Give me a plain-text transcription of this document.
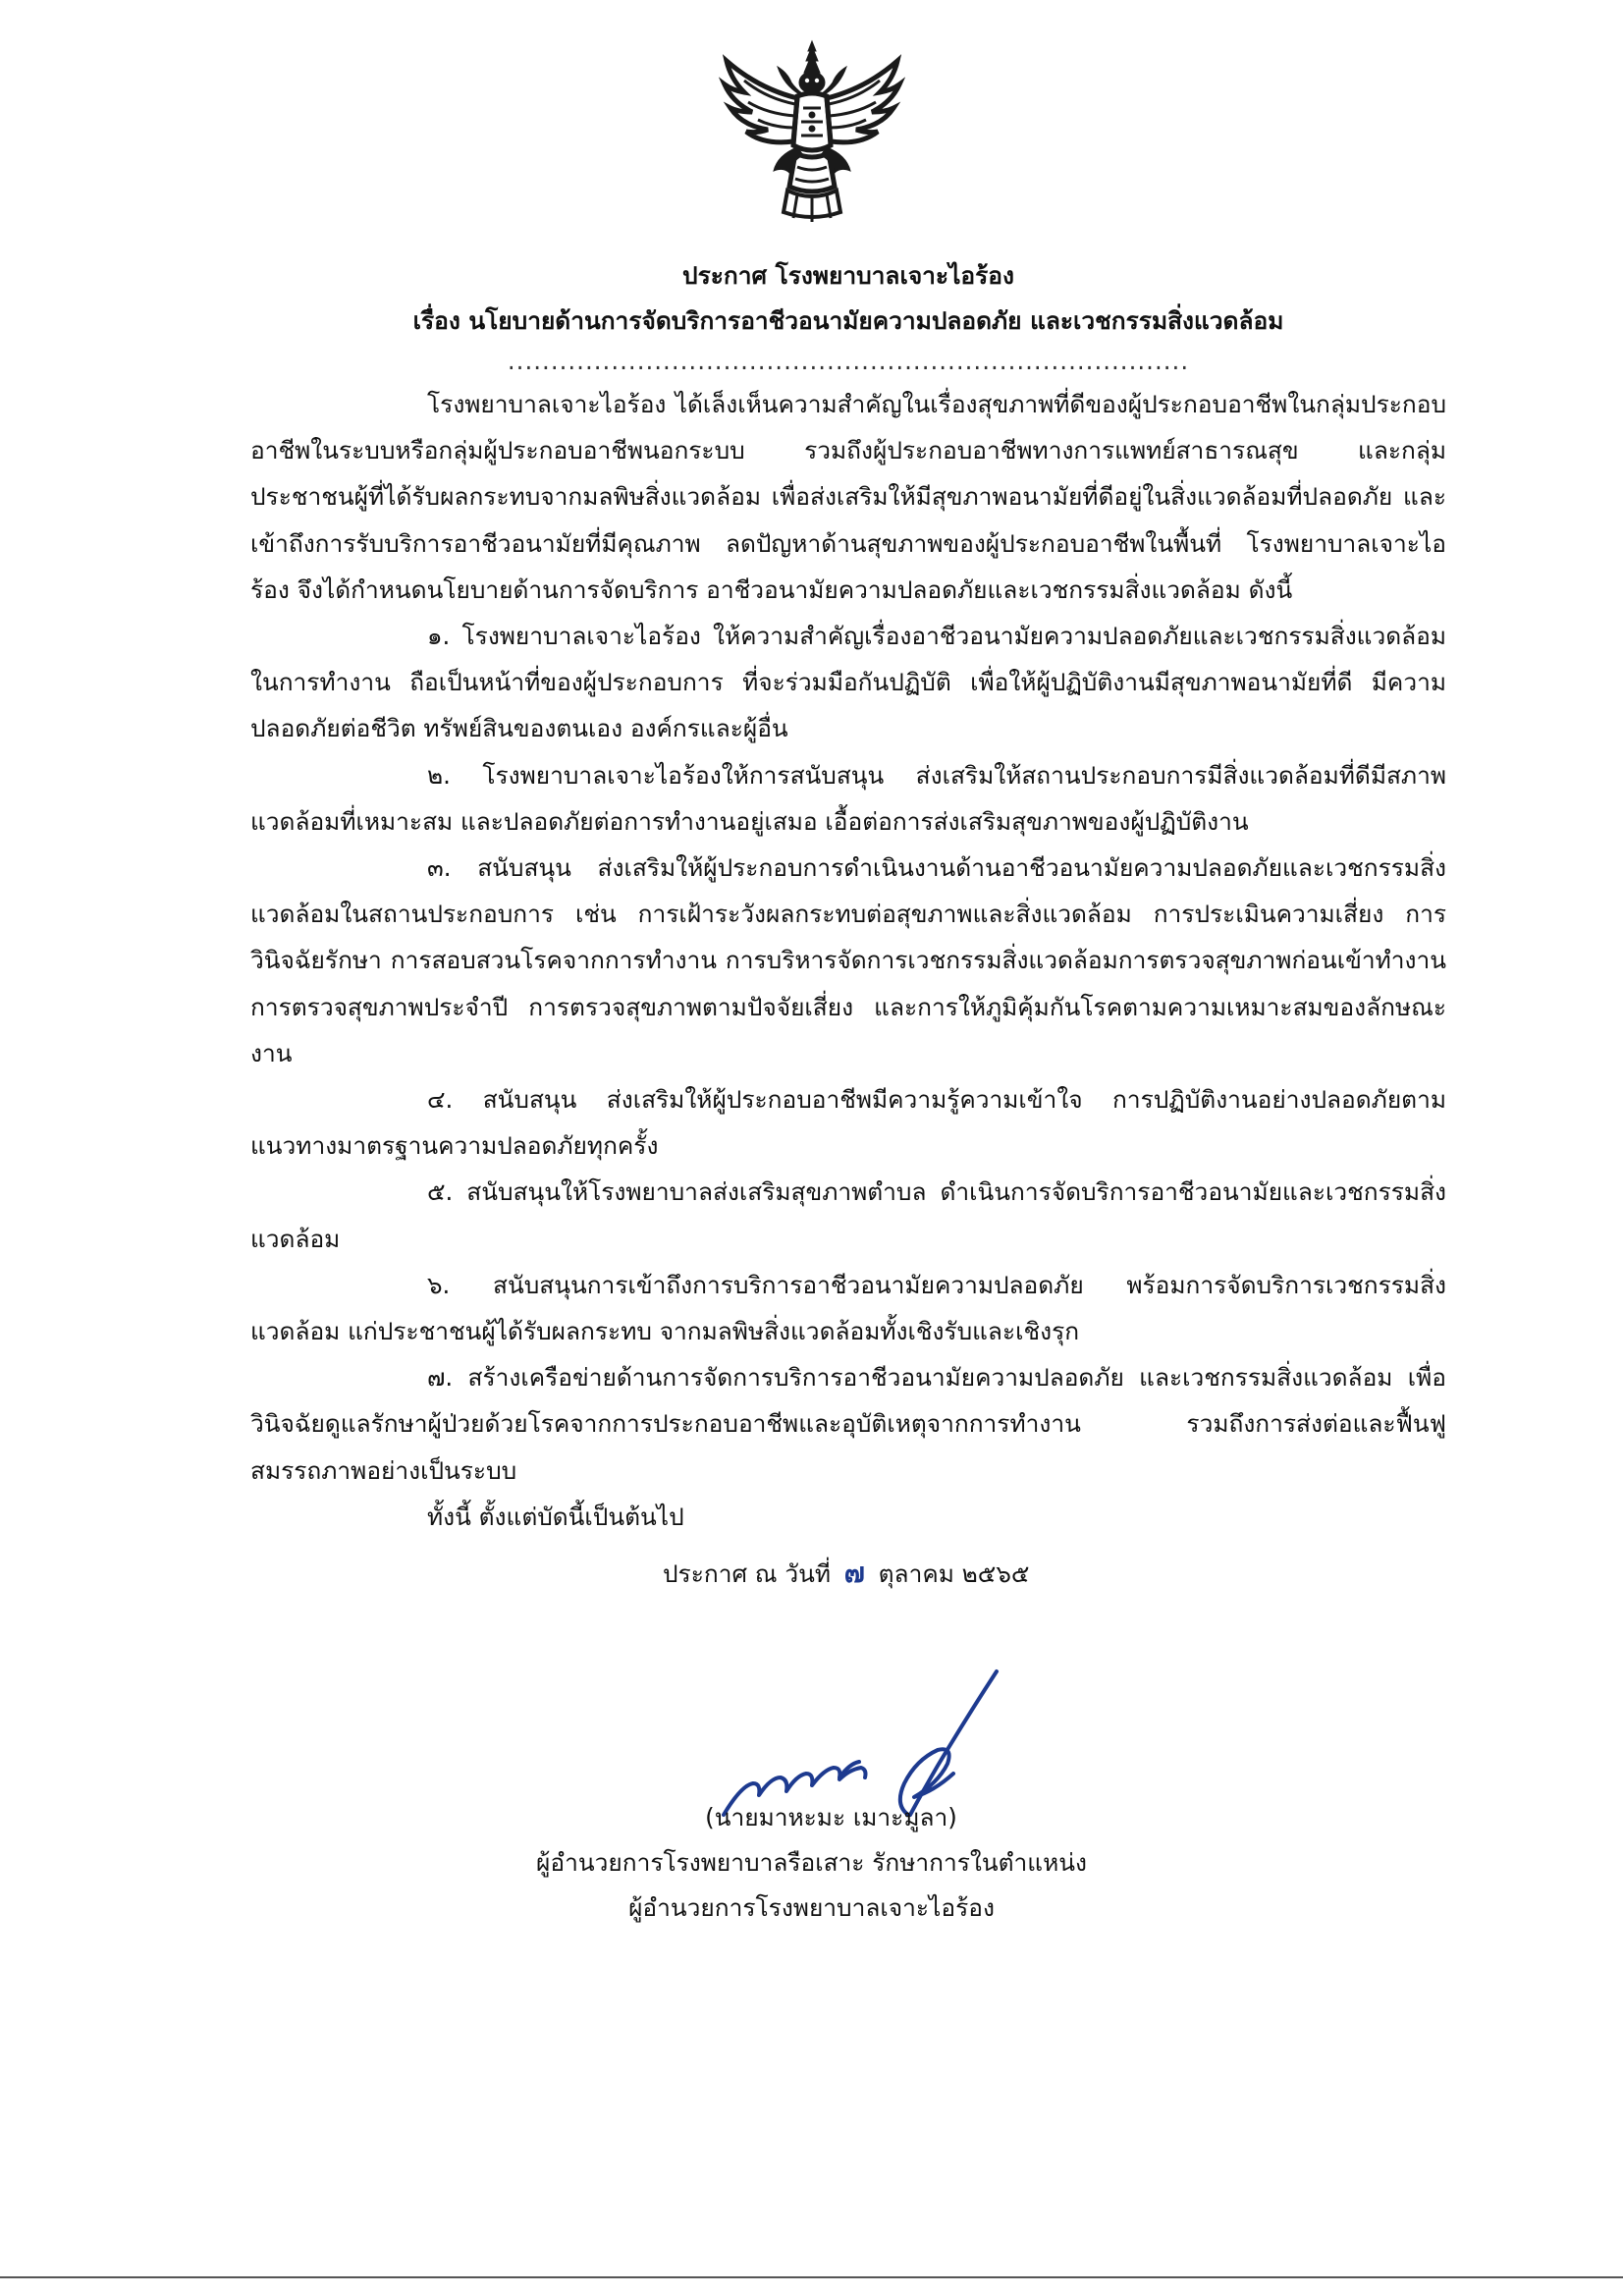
ประกาศ โรงพยาบาลเจาะไอร้อง

เรื่อง นโยบายด้านการจัดบริการอาชีวอนามัยความปลอดภัย และเวชกรรมสิ่งแวดล้อม

...............................................................................

โรงพยาบาลเจาะไอร้อง ได้เล็งเห็นความสำคัญในเรื่องสุขภาพที่ดีของผู้ประกอบอาชีพในกลุ่มประกอบอาชีพในระบบหรือกลุ่มผู้ประกอบอาชีพนอกระบบ รวมถึงผู้ประกอบอาชีพทางการแพทย์สาธารณสุข และกลุ่มประชาชนผู้ที่ได้รับผลกระทบจากมลพิษสิ่งแวดล้อม เพื่อส่งเสริมให้มีสุขภาพอนามัยที่ดีอยู่ในสิ่งแวดล้อมที่ปลอดภัย และเข้าถึงการรับบริการอาชีวอนามัยที่มีคุณภาพ ลดปัญหาด้านสุขภาพของผู้ประกอบอาชีพในพื้นที่ โรงพยาบาลเจาะไอร้อง จึงได้กำหนดนโยบายด้านการจัดบริการ อาชีวอนามัยความปลอดภัยและเวชกรรมสิ่งแวดล้อม ดังนี้

๑. โรงพยาบาลเจาะไอร้อง ให้ความสำคัญเรื่องอาชีวอนามัยความปลอดภัยและเวชกรรมสิ่งแวดล้อมในการทำงาน ถือเป็นหน้าที่ของผู้ประกอบการ ที่จะร่วมมือกันปฏิบัติ เพื่อให้ผู้ปฏิบัติงานมีสุขภาพอนามัยที่ดี มีความปลอดภัยต่อชีวิต ทรัพย์สินของตนเอง องค์กรและผู้อื่น

๒. โรงพยาบาลเจาะไอร้องให้การสนับสนุน ส่งเสริมให้สถานประกอบการมีสิ่งแวดล้อมที่ดีมีสภาพแวดล้อมที่เหมาะสม และปลอดภัยต่อการทำงานอยู่เสมอ เอื้อต่อการส่งเสริมสุขภาพของผู้ปฏิบัติงาน

๓. สนับสนุน ส่งเสริมให้ผู้ประกอบการดำเนินงานด้านอาชีวอนามัยความปลอดภัยและเวชกรรมสิ่งแวดล้อมในสถานประกอบการ เช่น การเฝ้าระวังผลกระทบต่อสุขภาพและสิ่งแวดล้อม การประเมินความเสี่ยง การวินิจฉัยรักษา การสอบสวนโรคจากการทำงาน การบริหารจัดการเวชกรรมสิ่งแวดล้อมการตรวจสุขภาพก่อนเข้าทำงาน การตรวจสุขภาพประจำปี การตรวจสุขภาพตามปัจจัยเสี่ยง และการให้ภูมิคุ้มกันโรคตามความเหมาะสมของลักษณะงาน

๔. สนับสนุน ส่งเสริมให้ผู้ประกอบอาชีพมีความรู้ความเข้าใจ การปฏิบัติงานอย่างปลอดภัยตามแนวทางมาตรฐานความปลอดภัยทุกครั้ง

๕. สนับสนุนให้โรงพยาบาลส่งเสริมสุขภาพตำบล ดำเนินการจัดบริการอาชีวอนามัยและเวชกรรมสิ่งแวดล้อม

๖. สนับสนุนการเข้าถึงการบริการอาชีวอนามัยความปลอดภัย พร้อมการจัดบริการเวชกรรมสิ่งแวดล้อม แก่ประชาชนผู้ได้รับผลกระทบ จากมลพิษสิ่งแวดล้อมทั้งเชิงรับและเชิงรุก

๗. สร้างเครือข่ายด้านการจัดการบริการอาชีวอนามัยความปลอดภัย และเวชกรรมสิ่งแวดล้อม เพื่อวินิจฉัยดูแลรักษาผู้ป่วยด้วยโรคจากการประกอบอาชีพและอุบัติเหตุจากการทำงาน รวมถึงการส่งต่อและฟื้นฟูสมรรถภาพอย่างเป็นระบบ

ทั้งนี้ ตั้งแต่บัดนี้เป็นต้นไป

ประกาศ ณ วันที่ ๗ ตุลาคม ๒๕๖๕

(นายมาหะมะ เมาะมูลา)
ผู้อำนวยการโรงพยาบาลรือเสาะ รักษาการในตำแหน่ง
ผู้อำนวยการโรงพยาบาลเจาะไอร้อง
